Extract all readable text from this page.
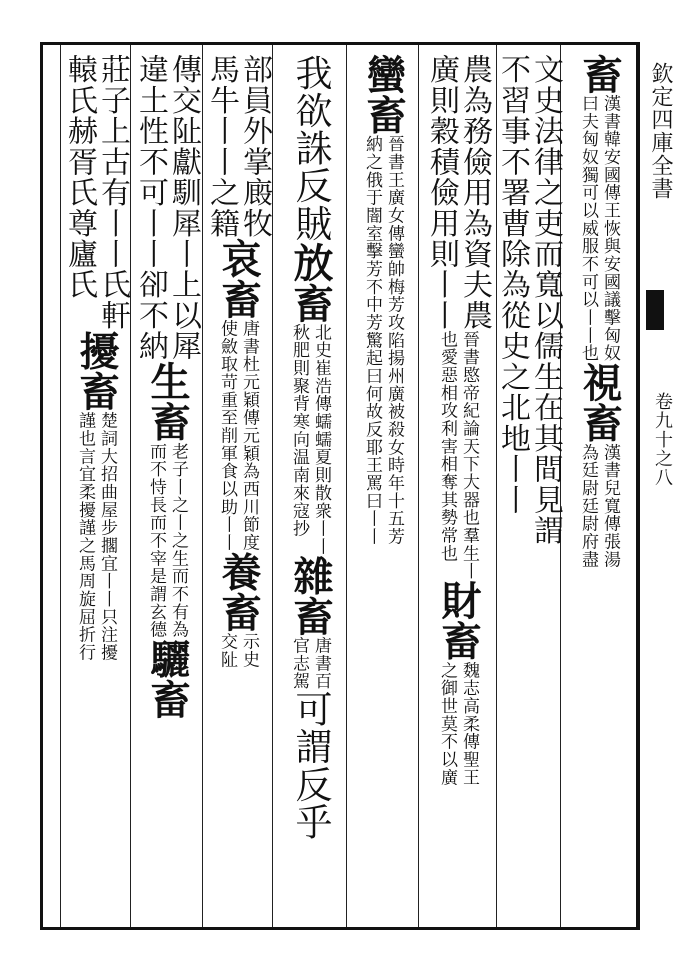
欽定四庫全書
卷九十之八
畜
漢書韓安國傳王恢與安國議擊匈奴
曰夫匈奴獨可以威服不可以丨丨也
視畜
漢書兒寬傳張湯
為廷尉廷尉府盡
文史法律之吏而寬以儒生在其間見謂
不習事不署曹除為從史之北地丨丨
農為務儉用為資夫農
廣則穀積儉用則丨丨
晉書愍帝紀論天下大器也羣生丨
也愛惡相攻利害相奪其勢常也
財畜
魏志高柔傳聖王
之御世莫不以廣
蠻畜
晉書王廣女傳蠻帥梅芳攻陷揚州廣被殺女時年十五芳
納之俄于闇室擊芳不中芳驚起曰何故反耶王罵曰丨丨
我欲誅反賊
放畜
北史崔浩傳蠕蠕夏則散衆丨丨
秋肥則聚背寒向温南來寇抄
雜畜
唐書百
官志駕
可謂反乎
部員外掌廄牧
馬牛丨丨之籍
哀畜
唐書杜元穎傳元穎為西川節度
使斂取苛重至削軍食以助丨丨
養畜
示史
交阯
傳交阯獻馴犀丨上以犀
違土性不可丨丨卻不納
生畜
老子丨之丨之生而不有為
而不恃長而不宰是謂玄德
驪畜
莊子上古有丨丨氏軒
轅氏赫胥氏尊廬氏
擾畜
楚詞大招曲屋步擱宜丨丨只注擾
謹也言宜柔擾謹之馬周旋屈折行
